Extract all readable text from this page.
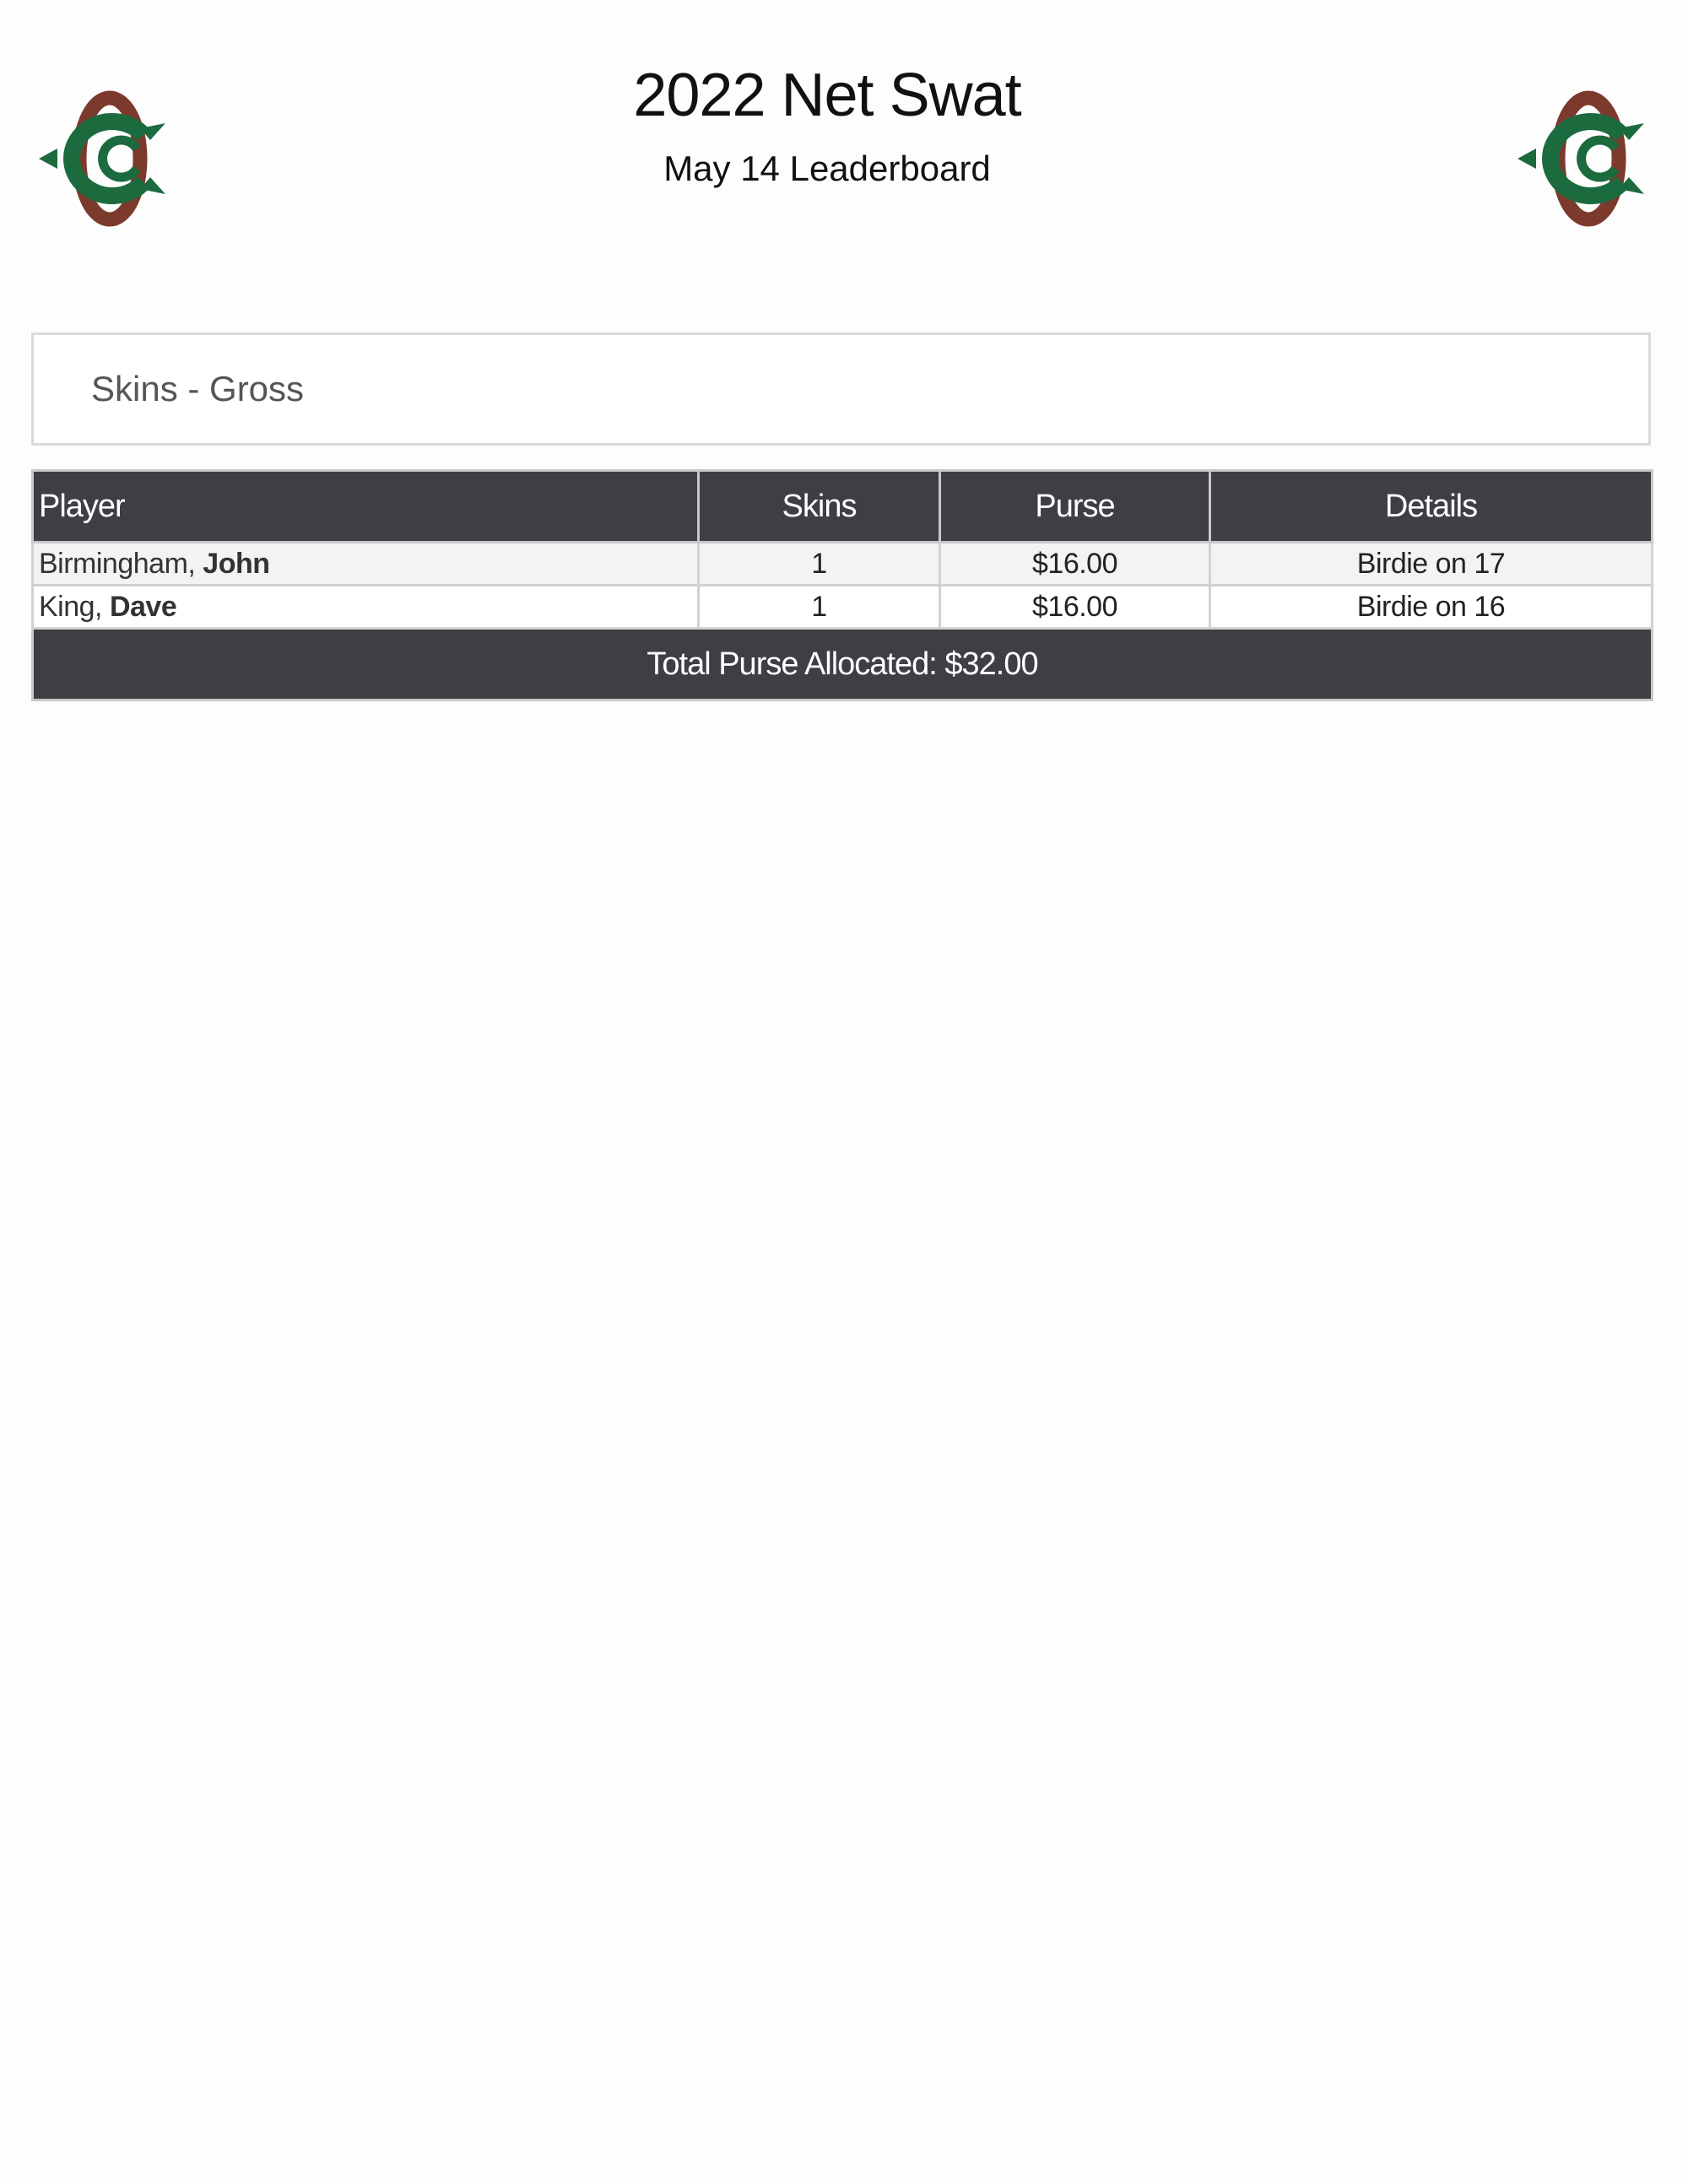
2022 Net Swat
May 14 Leaderboard
Skins - Gross
Player	Skins	Purse	Details
Birmingham, John	1	$16.00	Birdie on 17
King, Dave	1	$16.00	Birdie on 16
Total Purse Allocated: $32.00			
